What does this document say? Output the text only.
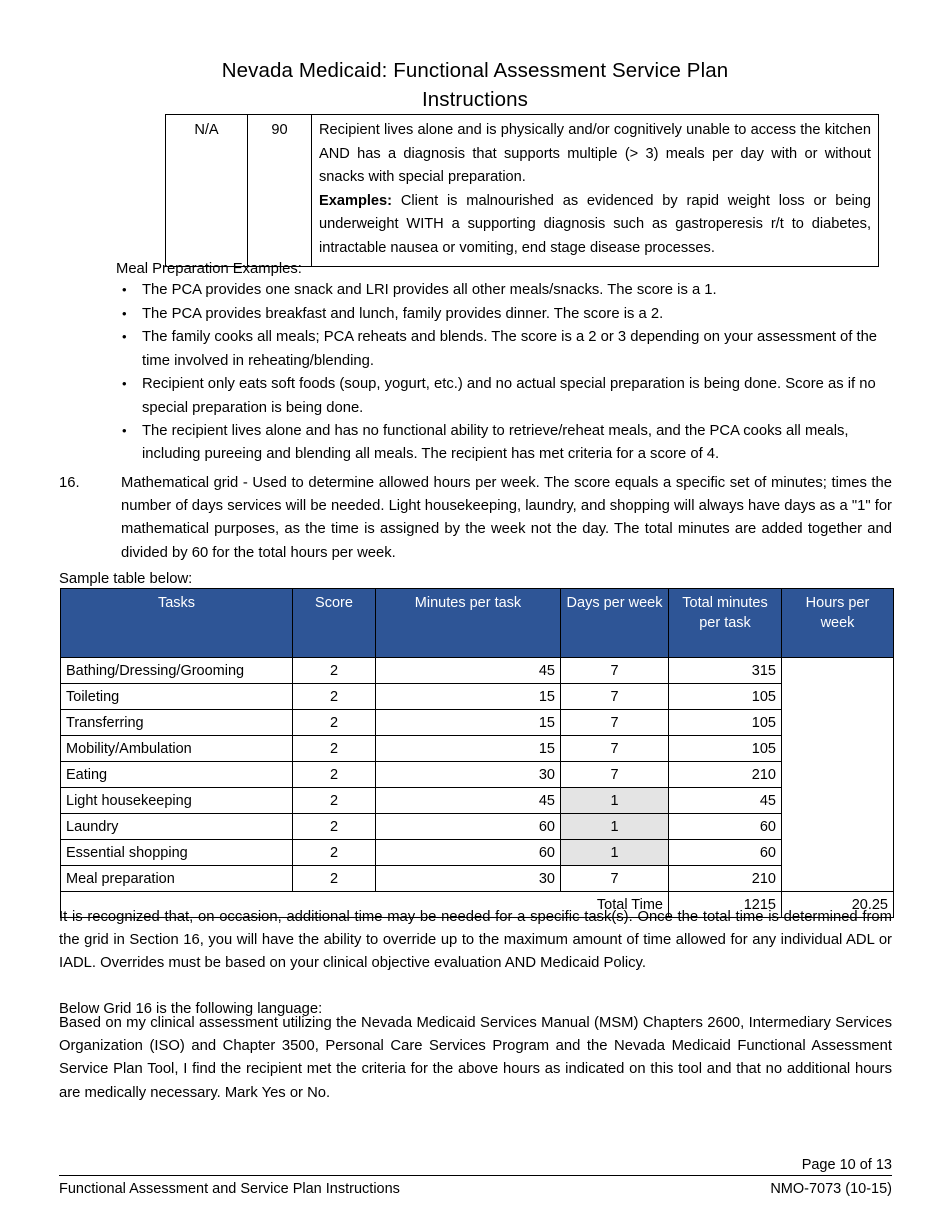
Nevada Medicaid: Functional Assessment Service Plan
Instructions
N/A	90	Recipient lives alone and is physically and/or cognitively unable to access the kitchen AND has a diagnosis that supports multiple (> 3) meals per day with or without snacks with special preparation.
Examples: Client is malnourished as evidenced by rapid weight loss or being underweight WITH a supporting diagnosis such as gastroperesis r/t to diabetes, intractable nausea or vomiting, end stage disease processes.
Meal Preparation Examples:
• The PCA provides one snack and LRI provides all other meals/snacks. The score is a 1.
• The PCA provides breakfast and lunch, family provides dinner. The score is a 2.
• The family cooks all meals; PCA reheats and blends. The score is a 2 or 3 depending on your assessment of the time involved in reheating/blending.
• Recipient only eats soft foods (soup, yogurt, etc.) and no actual special preparation is being done. Score as if no special preparation is being done.
• The recipient lives alone and has no functional ability to retrieve/reheat meals, and the PCA cooks all meals, including pureeing and blending all meals. The recipient has met criteria for a score of 4.
16.	Mathematical grid - Used to determine allowed hours per week. The score equals a specific set of minutes; times the number of days services will be needed. Light housekeeping, laundry, and shopping will always have days as a "1" for mathematical purposes, as the time is assigned by the week not the day. The total minutes are added together and divided by 60 for the total hours per week.
Sample table below:
Tasks	Score	Minutes per task	Days per week	Total minutes per task	Hours per week
Bathing/Dressing/Grooming	2	45	7	315	
Toileting	2	15	7	105	
Transferring	2	15	7	105	
Mobility/Ambulation	2	15	7	105	
Eating	2	30	7	210	
Light housekeeping	2	45	1	45	
Laundry	2	60	1	60	
Essential shopping	2	60	1	60	
Meal preparation	2	30	7	210	
Total Time				1215	20.25
It is recognized that, on occasion, additional time may be needed for a specific task(s). Once the total time is determined from the grid in Section 16, you will have the ability to override up to the maximum amount of time allowed for any individual ADL or IADL. Overrides must be based on your clinical objective evaluation AND Medicaid Policy.
Below Grid 16 is the following language:
Based on my clinical assessment utilizing the Nevada Medicaid Services Manual (MSM) Chapters 2600, Intermediary Services Organization (ISO) and Chapter 3500, Personal Care Services Program and the Nevada Medicaid Functional Assessment Service Plan Tool, I find the recipient met the criteria for the above hours as indicated on this tool and that no additional hours are medically necessary. Mark Yes or No.
Page 10 of 13
Functional Assessment and Service Plan Instructions	NMO-7073 (10-15)
